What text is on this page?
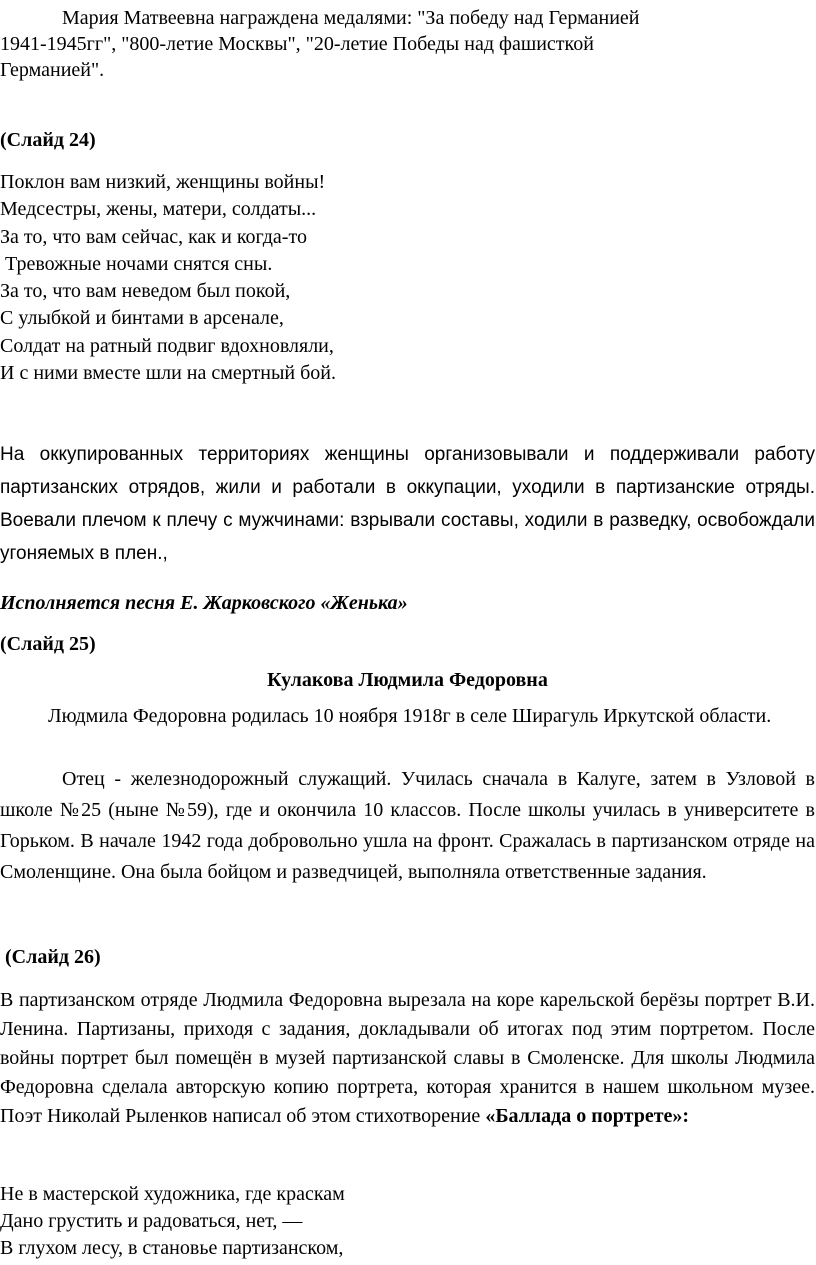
Мария Матвеевна награждена медалями: "За победу над Германией
1941-1945гг", "800-летие Москвы", "20-летие Победы над фашисткой
Германией".
(Слайд 24)
Поклон вам низкий, женщины войны!
Медсестры, жены, матери, солдаты...
За то, что вам сейчас, как и когда-то
Тревожные ночами снятся сны.
За то, что вам неведом был покой,
С улыбкой и бинтами в арсенале,
Солдат на ратный подвиг вдохновляли,
И с ними вместе шли на смертный бой.
На оккупированных территориях женщины организовывали и поддерживали работу партизанских отрядов, жили и работали в оккупации, уходили в партизанские отряды. Воевали плечом к плечу с мужчинами: взрывали составы, ходили в разведку, освобождали угоняемых в плен.,
Исполняется песня Е. Жарковского «Женька»
(Слайд 25)
Кулакова Людмила Федоровна
Людмила Федоровна родилась 10 ноября 1918г в селе Ширагуль Иркутской области.
Отец - железнодорожный служащий. Училась сначала в Калуге, затем в Узловой в школе №25 (ныне №59), где и окончила 10 классов. После школы училась в университете в Горьком. В начале 1942 года добровольно ушла на фронт. Сражалась в партизанском отряде на Смоленщине. Она была бойцом и разведчицей, выполняла ответственные задания.
(Слайд 26)
В партизанском отряде Людмила Федоровна вырезала на коре карельской берёзы портрет В.И. Ленина. Партизаны, приходя с задания, докладывали об итогах под этим портретом. После войны портрет был помещён в музей партизанской славы в Смоленске. Для школы Людмила Федоровна сделала авторскую копию портрета, которая хранится в нашем школьном музее. Поэт Николай Рыленков написал об этом стихотворение «Баллада о портрете»:
Не в мастерской художника, где краскам
Дано грустить и радоваться, нет, —
В глухом лесу, в становье партизанском,
